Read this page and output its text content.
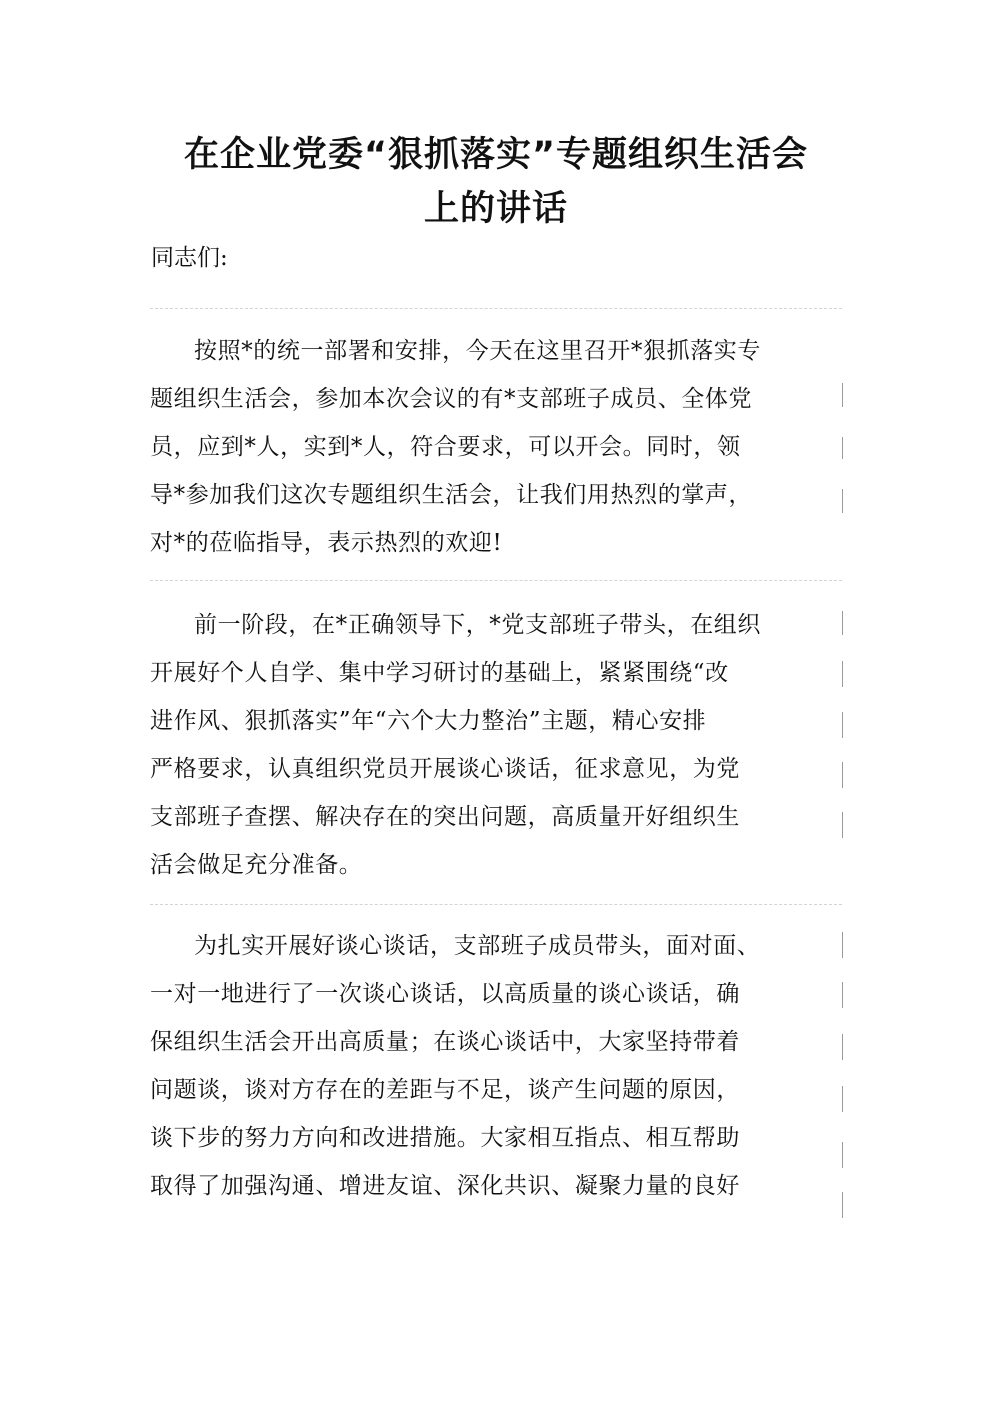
在企业党委“狠抓落实”专题组织生活会
上的讲话
同志们:
按照*的统一部署和安排，今天在这里召开*狠抓落实专
题组织生活会，参加本次会议的有*支部班子成员、全体党
员，应到*人，实到*人，符合要求，可以开会。同时，领
导*参加我们这次专题组织生活会，让我们用热烈的掌声，
对*的莅临指导，表示热烈的欢迎!
前一阶段，在*正确领导下，*党支部班子带头，在组织
开展好个人自学、集中学习研讨的基础上，紧紧围绕“改
进作风、狠抓落实”年“六个大力整治”主题，精心安排
严格要求，认真组织党员开展谈心谈话，征求意见，为党
支部班子查摆、解决存在的突出问题，高质量开好组织生
活会做足充分准备。
为扎实开展好谈心谈话，支部班子成员带头，面对面、
一对一地进行了一次谈心谈话，以高质量的谈心谈话，确
保组织生活会开出高质量；在谈心谈话中，大家坚持带着
问题谈，谈对方存在的差距与不足，谈产生问题的原因，
谈下步的努力方向和改进措施。大家相互指点、相互帮助
取得了加强沟通、增进友谊、深化共识、凝聚力量的良好
